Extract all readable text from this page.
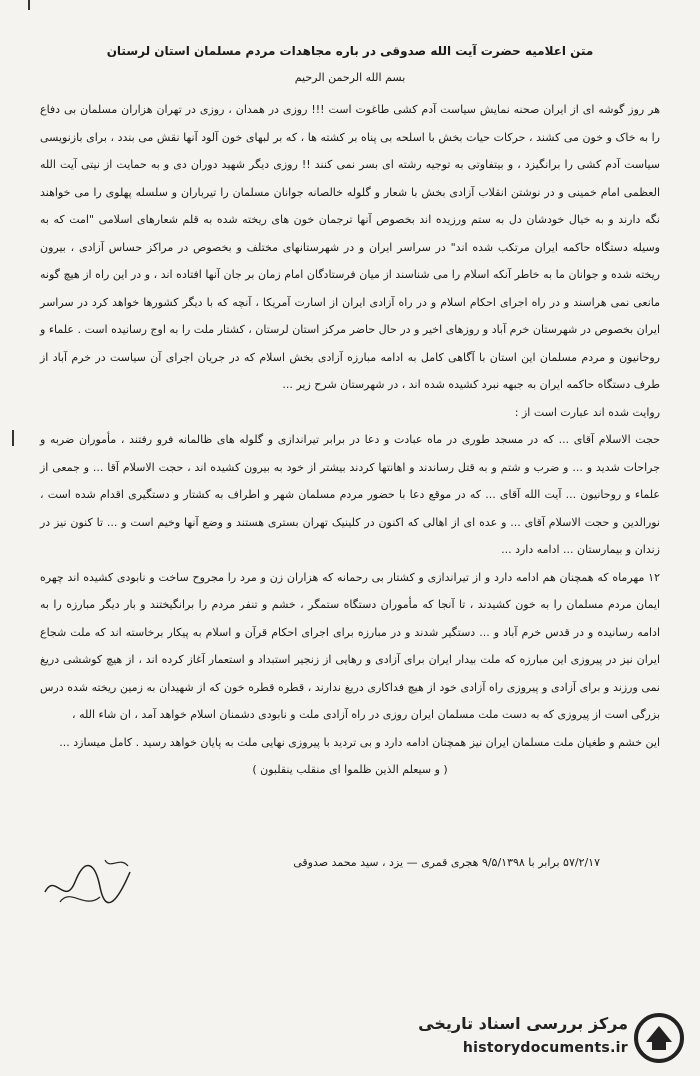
متن اعلامیه حضرت آیت الله صدوقی در باره مجاهدات مردم مسلمان استان لرستان

بسم الله الرحمن الرحیم

هر روز گوشه ای از ایران صحنه نمایش سیاست آدم کشی طاغوت است !!! روزی در همدان ، روزی در تهران هزاران مسلمان بی دفاع را به خاک و خون می کشند ، حرکات حیات بخش با اسلحه بی پناه بر کشته ها ، که بر لبهای خون آلود آنها نقش می بندد ، برای بازنویسی سیاست آدم کشی را برانگیزد ، و بیتفاوتی به توجیه رشته ای بسر نمی کنند !! روزی دیگر شهید دوران دی و به حمایت از نیتی آیت الله العظمی امام خمینی و در نوشتن انقلاب آزادی بخش با شعار و گلوله خالصانه جوانان مسلمان را تیرباران و سلسله پهلوی را می خواهند نگه دارند و به خیال خودشان دل به ستم ورزیده اند بخصوص آنها ترجمان خون های ریخته شده به قلم شعارهای اسلامی "امت که به وسیله دستگاه حاکمه ایران مرتکب شده اند" در سراسر ایران و در شهرستانهای مختلف و بخصوص در مراکز حساس آزادی ، بیرون ریخته شده و جوانان ما به خاطر آنکه اسلام را می شناسند از میان فرستادگان امام زمان بر جان آنها افتاده اند ، و در این راه از هیچ گونه مانعی نمی هراسند و در راه اجرای احکام اسلام و در راه آزادی ایران از اسارت آمریکا ، آنچه که با دیگر کشورها خواهد کرد در سراسر ایران بخصوص در شهرستان خرم آباد و روزهای اخیر و در حال حاضر مرکز استان لرستان ، کشتار ملت را به اوج رسانیده است . علماء و روحانیون و مردم مسلمان این استان با آگاهی کامل به ادامه مبارزه آزادی بخش اسلام که در جریان اجرای آن سیاست در خرم آباد از طرف دستگاه حاکمه ایران به جبهه نبرد کشیده شده اند ، در شهرستان شرح زیر ...

روایت شده اند عبارت است از :

حجت الاسلام آقای ... که در مسجد طوری در ماه عبادت و دعا در برابر تیراندازی و گلوله های ظالمانه فرو رفتند ، مأموران ضربه و جراحات شدید و ... و ضرب و شتم و به قتل رساندند و اهانتها کردند بیشتر از خود به بیرون کشیده اند ، حجت الاسلام آقا ... و جمعی از علماء و روحانیون ... آیت الله آقای ... که در موقع دعا با حضور مردم مسلمان شهر و اطراف به کشتار و دستگیری اقدام شده است ، نورالدین و حجت الاسلام آقای ... و عده ای از اهالی که اکنون در کلینیک تهران بستری هستند و وضع آنها وخیم است و ... تا کنون نیز در زندان و بیمارستان ... ادامه دارد ...

۱۲ مهرماه که همچنان هم ادامه دارد و از تیراندازی و کشتار بی رحمانه که هزاران زن و مرد را مجروح ساخت و نابودی کشیده اند چهره ایمان مردم مسلمان را به خون کشیدند ، تا آنجا که مأموران دستگاه ستمگر ، خشم و تنفر مردم را برانگیختند و بار دیگر مبارزه را به ادامه رسانیده و در قدس خرم آباد و ... دستگیر شدند و در مبارزه برای اجرای احکام قرآن و اسلام به پیکار برخاسته اند که ملت شجاع ایران نیز در پیروزی این مبارزه که ملت بیدار ایران برای آزادی و رهایی از زنجیر استبداد و استعمار آغاز کرده اند ، از هیچ کوششی دریغ نمی ورزند و برای آزادی و پیروزی راه آزادی خود از هیچ فداکاری دریغ ندارند ، قطره قطره خون که از شهیدان به زمین ریخته شده درس بزرگی است از پیروزی که به دست ملت مسلمان ایران روزی در راه آزادی ملت و نابودی دشمنان اسلام خواهد آمد ، ان شاء الله ،

این خشم و طغیان ملت مسلمان ایران نیز همچنان ادامه دارد و بی تردید با پیروزی نهایی ملت به پایان خواهد رسید . کامل میسازد ...

( و سیعلم الذین ظلموا ای منقلب ینقلبون )

۵۷/۲/۱۷ برابر با ۹/۵/۱۳۹۸ هجری قمری — یزد ، سید محمد صدوقی
مرکز بررسی اسناد تاریخی
historydocuments.ir
